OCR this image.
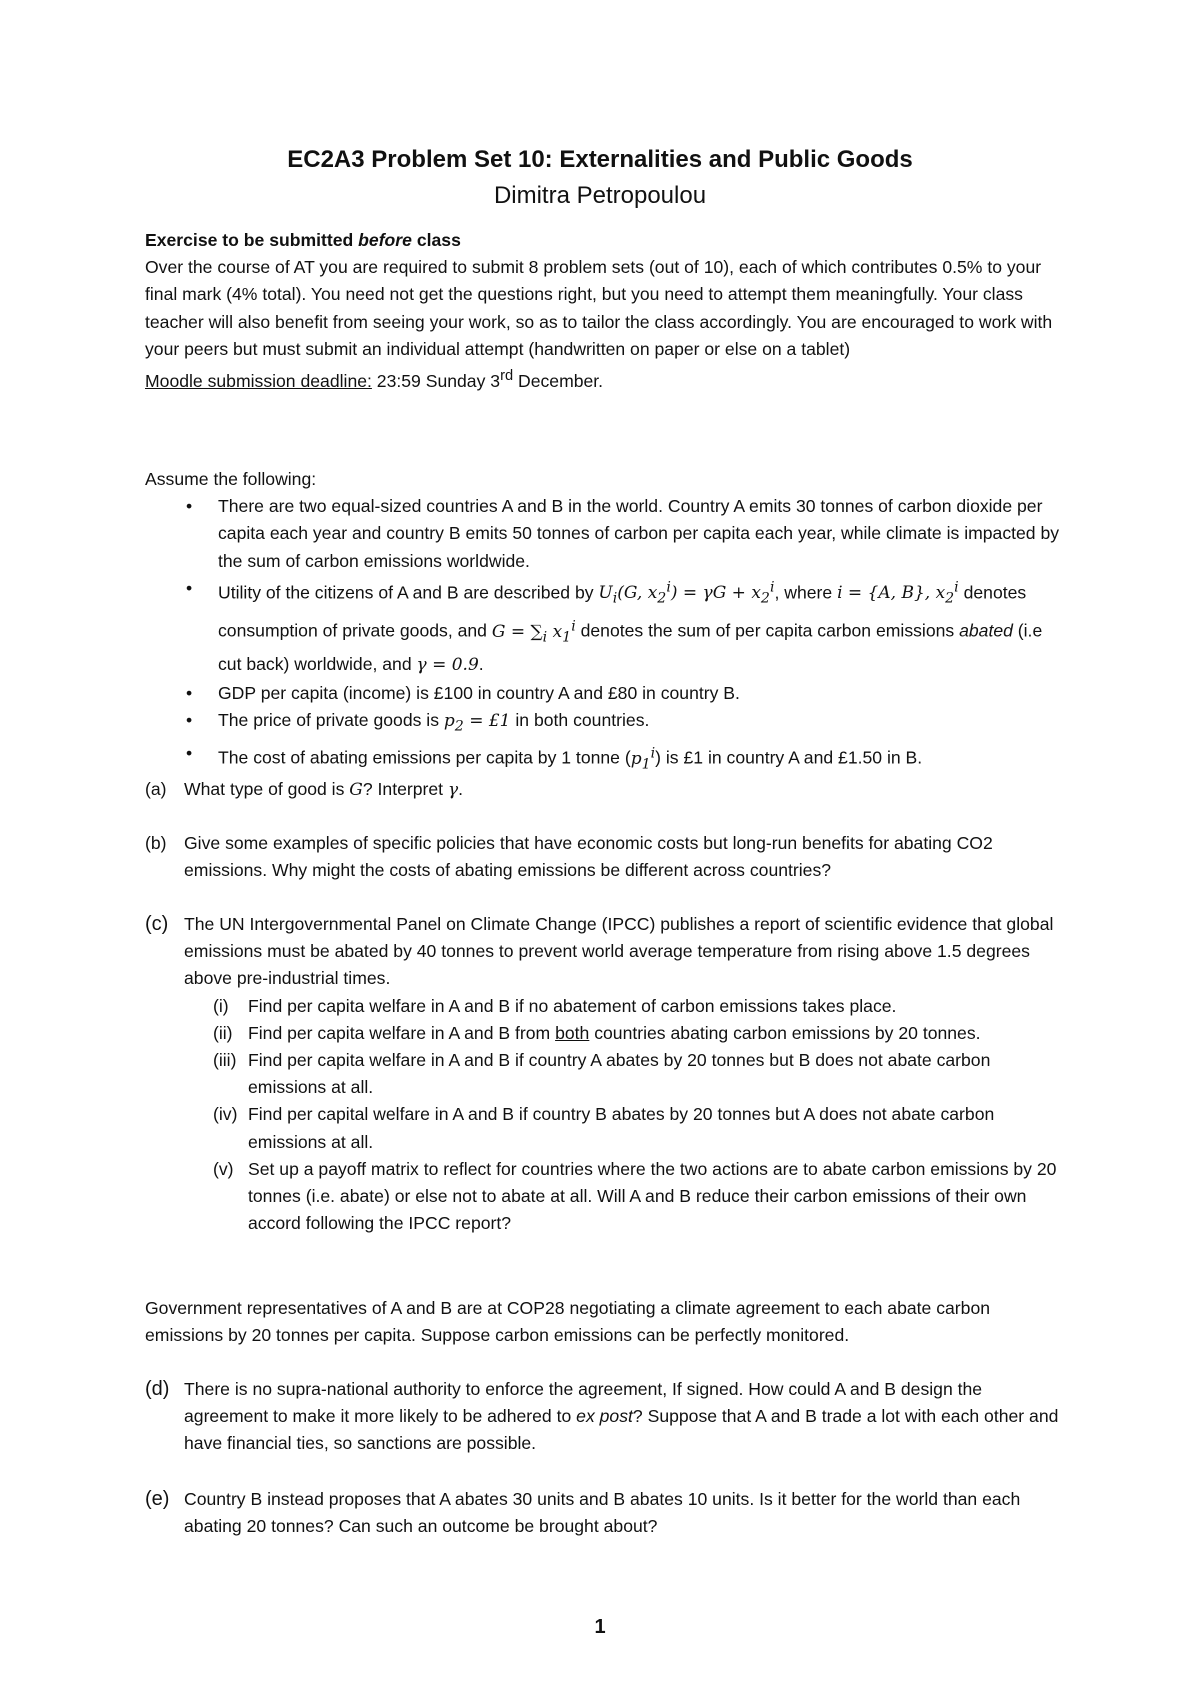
EC2A3 Problem Set 10: Externalities and Public Goods
Dimitra Petropoulou

Exercise to be submitted before class

Over the course of AT you are required to submit 8 problem sets (out of 10), each of which contributes 0.5% to your final mark (4% total). You need not get the questions right, but you need to attempt them meaningfully. Your class teacher will also benefit from seeing your work, so as to tailor the class accordingly. You are encouraged to work with your peers but must submit an individual attempt (handwritten on paper or else on a tablet)

Moodle submission deadline: 23:59 Sunday 3rd December.

Assume the following:

• There are two equal-sized countries A and B in the world. Country A emits 30 tonnes of carbon dioxide per capita each year and country B emits 50 tonnes of carbon per capita each year, while climate is impacted by the sum of carbon emissions worldwide.
• Utility of the citizens of A and B are described by $U_i(G$, $x_2^i) = \gamma G + x_2^i$, where i = {A, B}, $x_2^i$ denotes consumption of private goods, and $G = \sum_i$ $x_1^i$ denotes the sum of per capita carbon emissions abated (i.e cut back) worldwide, and γ = 0.9.
• GDP per capita (income) is £100 in country A and £80 in country B.
• The price of private goods is $p_2$ = £1 in both countries.
• The cost of abating emissions per capita by 1 tonne $(p_1^i)$ is £1 in country A and £1.50 in B.
(a) What type of good is G? Interpret γ.
(b) Give some examples of specific policies that have economic costs but long-run benefits for abating CO2 emissions. Why might the costs of abating emissions be different across countries?
(c) The UN Intergovernmental Panel on Climate Change (IPCC) publishes a report of scientific evidence that global emissions must be abated by 40 tonnes to prevent world average temperature from rising above 1.5 degrees above pre-industrial times.
(i) Find per capita welfare in A and B if no abatement of carbon emissions takes place.
(ii) Find per capita welfare in A and B from both countries abating carbon emissions by 20 tonnes.
(iii) Find per capita welfare in A and B if country A abates by 20 tonnes but B does not abate carbon emissions at all.
(iv) Find per capital welfare in A and B if country B abates by 20 tonnes but A does not abate carbon emissions at all.
(v) Set up a payoff matrix to reflect for countries where the two actions are to abate carbon emissions by 20 tonnes (i.e. abate) or else not to abate at all. Will A and B reduce their carbon emissions of their own accord following the IPCC report?

Government representatives of A and B are at COP28 negotiating a climate agreement to each abate carbon emissions by 20 tonnes per capita. Suppose carbon emissions can be perfectly monitored.

(d) There is no supra-national authority to enforce the agreement, If signed. How could A and B design the agreement to make it more likely to be adhered to ex post? Suppose that A and B trade a lot with each other and have financial ties, so sanctions are possible.
(e) Country B instead proposes that A abates 30 units and B abates 10 units. Is it better for the world than each abating 20 tonnes? Can such an outcome be brought about?
1
